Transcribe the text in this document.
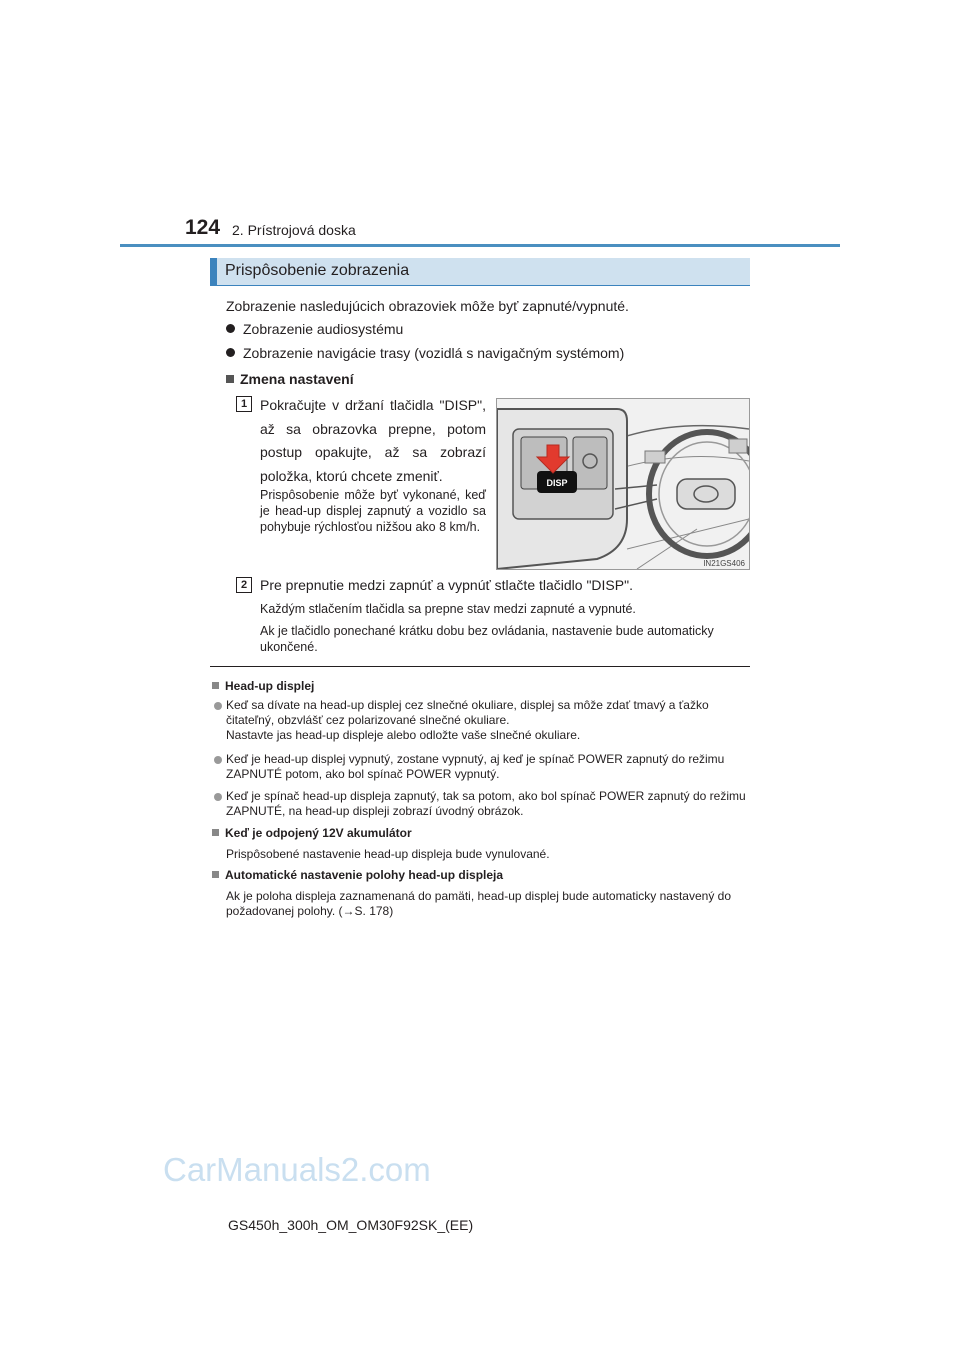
124 2. Prístrojová doska
Prispôsobenie zobrazenia
Zobrazenie nasledujúcich obrazoviek môže byť zapnuté/vypnuté.
Zobrazenie audiosystému
Zobrazenie navigácie trasy (vozidlá s navigačným systémom)
Zmena nastavení
1 Pokračujte v držaní tlačidla "DISP", až sa obrazovka prepne, potom postup opakujte, až sa zobrazí položka, ktorú chcete zmeniť.
Prispôsobenie môže byť vykonané, keď je head-up displej zapnutý a vozidlo sa pohybuje rýchlosťou nižšou ako 8 km/h.
DISP
IN21GS406
2 Pre prepnutie medzi zapnúť a vypnúť stlačte tlačidlo "DISP".
Každým stlačením tlačidla sa prepne stav medzi zapnuté a vypnuté.
Ak je tlačidlo ponechané krátku dobu bez ovládania, nastavenie bude automaticky ukončené.
Head-up displej
Keď sa dívate na head-up displej cez slnečné okuliare, displej sa môže zdať tmavý a ťažko čitateľný, obzvlášť cez polarizované slnečné okuliare.
Nastavte jas head-up displeje alebo odložte vaše slnečné okuliare.
Keď je head-up displej vypnutý, zostane vypnutý, aj keď je spínač POWER zapnutý do režimu ZAPNUTÉ potom, ako bol spínač POWER vypnutý.
Keď je spínač head-up displeja zapnutý, tak sa potom, ako bol spínač POWER zapnutý do režimu ZAPNUTÉ, na head-up displeji zobrazí úvodný obrázok.
Keď je odpojený 12V akumulátor
Prispôsobené nastavenie head-up displeja bude vynulované.
Automatické nastavenie polohy head-up displeja
Ak je poloha displeja zaznamenaná do pamäti, head-up displej bude automaticky nastavený do požadovanej polohy. (→S. 178)
CarManuals2.com
GS450h_300h_OM_OM30F92SK_(EE)
